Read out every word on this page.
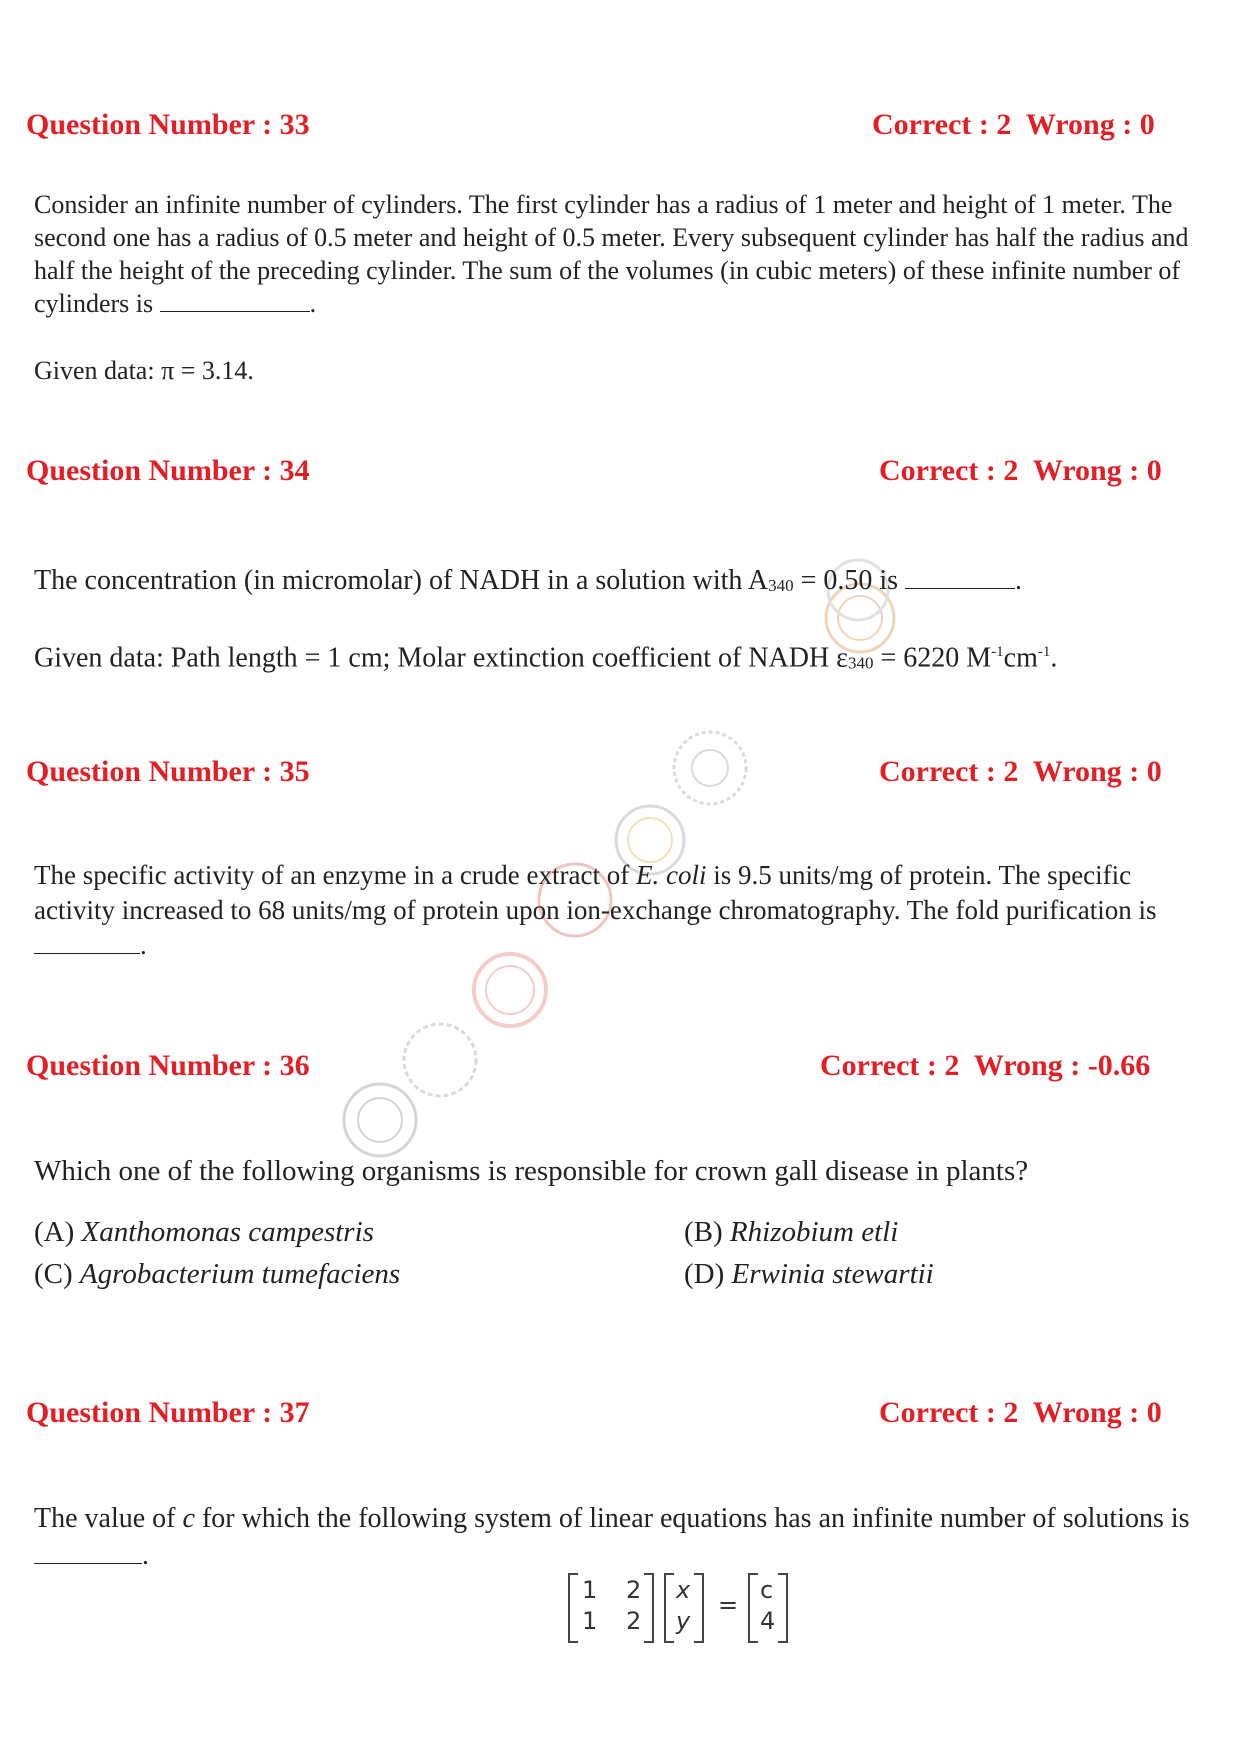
Question Number : 33	Correct : 2  Wrong : 0

Consider an infinite number of cylinders. The first cylinder has a radius of 1 meter and height of 1 meter. The second one has a radius of 0.5 meter and height of 0.5 meter. Every subsequent cylinder has half the radius and half the height of the preceding cylinder. The sum of the volumes (in cubic meters) of these infinite number of cylinders is	.

Given data: π = 3.14.

Question Number : 34	Correct : 2  Wrong : 0

The concentration (in micromolar) of NADH in a solution with $A_{340} = 0.50$ is	.

Given data: Path length = 1 cm; Molar extinction coefficient of NADH $\varepsilon_{340} = 6220$ $M^{-1}cm^{-1}$.

Question Number : 35	Correct : 2  Wrong : 0

The specific activity of an enzyme in a crude extract of E. coli is 9.5 units/mg of protein. The specific activity increased to 68 units/mg of protein upon ion-exchange chromatography. The fold purification is .

Question Number : 36	Correct : 2  Wrong : -0.66

Which one of the following organisms is responsible for crown gall disease in plants?

(A) Xanthomonas campestris	(B) Rhizobium etli
(C) Agrobacterium tumefaciens	(D) Erwinia stewartii
Question Number : 37	Correct : 2  Wrong : 0

The value of c for which the following system of linear equations has an infinite number of solutions is .

1 2
1 2
x
y
=
c
4
